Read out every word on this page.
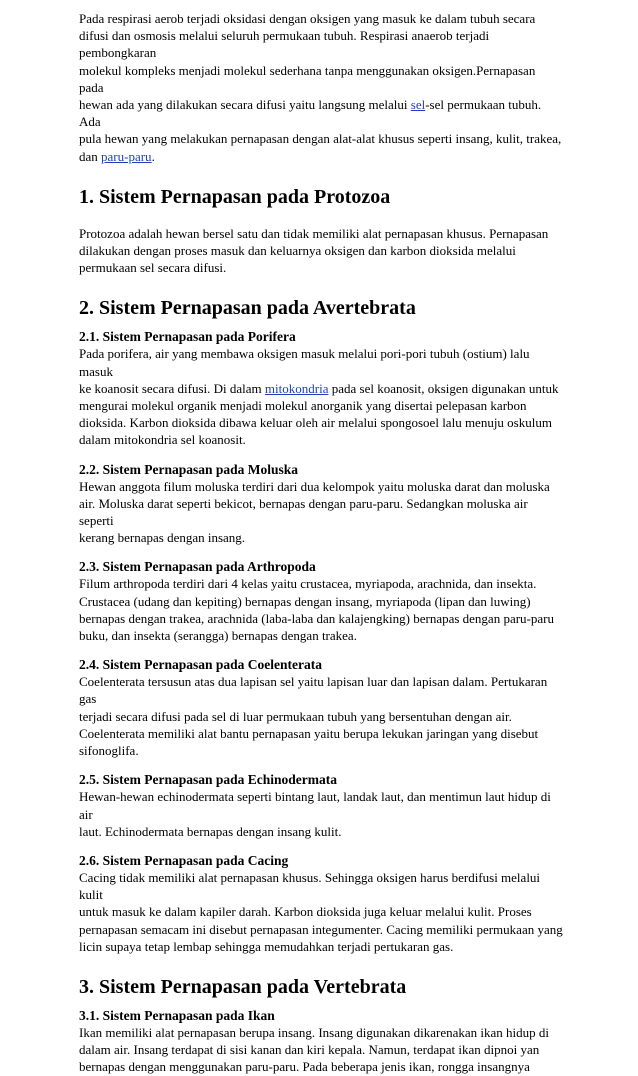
Pada respirasi aerob terjadi oksidasi dengan oksigen yang masuk ke dalam tubuh secara

difusi dan osmosis melalui seluruh permukaan tubuh. Respirasi anaerob terjadi pembongkaran

molekul kompleks menjadi molekul sederhana tanpa menggunakan oksigen.Pernapasan pada

hewan ada yang dilakukan secara difusi yaitu langsung melalui sel-sel permukaan tubuh. Ada

pula hewan yang melakukan pernapasan dengan alat-alat khusus seperti insang, kulit, trakea,

dan paru-paru.

1. Sistem Pernapasan pada Protozoa

Protozoa adalah hewan bersel satu dan tidak memiliki alat pernapasan khusus. Pernapasan

dilakukan dengan proses masuk dan keluarnya oksigen dan karbon dioksida melalui

permukaan sel secara difusi.

2. Sistem Pernapasan pada Avertebrata
2.1. Sistem Pernapasan pada Porifera

Pada porifera, air yang membawa oksigen masuk melalui pori-pori tubuh (ostium) lalu masuk

ke koanosit secara difusi. Di dalam mitokondria pada sel koanosit, oksigen digunakan untuk

mengurai molekul organik menjadi molekul anorganik yang disertai pelepasan karbon

dioksida. Karbon dioksida dibawa keluar oleh air melalui spongosoel lalu menuju oskulum

dalam mitokondria sel koanosit.

2.2. Sistem Pernapasan pada Moluska

Hewan anggota filum moluska terdiri dari dua kelompok yaitu moluska darat dan moluska

air. Moluska darat seperti bekicot, bernapas dengan paru-paru. Sedangkan moluska air seperti

kerang bernapas dengan insang.

2.3. Sistem Pernapasan pada Arthropoda

Filum arthropoda terdiri dari 4 kelas yaitu crustacea, myriapoda, arachnida, dan insekta.

Crustacea (udang dan kepiting) bernapas dengan insang, myriapoda (lipan dan luwing)

bernapas dengan trakea, arachnida (laba-laba dan kalajengking) bernapas dengan paru-paru

buku, dan insekta (serangga) bernapas dengan trakea.

2.4. Sistem Pernapasan pada Coelenterata

Coelenterata tersusun atas dua lapisan sel yaitu lapisan luar dan lapisan dalam. Pertukaran gas

terjadi secara difusi pada sel di luar permukaan tubuh yang bersentuhan dengan air.

Coelenterata memiliki alat bantu pernapasan yaitu berupa lekukan jaringan yang disebut

sifonoglifa.

2.5. Sistem Pernapasan pada Echinodermata

Hewan-hewan echinodermata seperti bintang laut, landak laut, dan mentimun laut hidup di air

laut. Echinodermata bernapas dengan insang kulit.

2.6. Sistem Pernapasan pada Cacing

Cacing tidak memiliki alat pernapasan khusus. Sehingga oksigen harus berdifusi melalui kulit

untuk masuk ke dalam kapiler darah. Karbon dioksida juga keluar melalui kulit. Proses

pernapasan semacam ini disebut pernapasan integumenter. Cacing memiliki permukaan yang

licin supaya tetap lembap sehingga memudahkan terjadi pertukaran gas.

3. Sistem Pernapasan pada Vertebrata
3.1. Sistem Pernapasan pada Ikan

Ikan memiliki alat pernapasan berupa insang. Insang digunakan dikarenakan ikan hidup di

dalam air. Insang terdapat di sisi kanan dan kiri kepala. Namun, terdapat ikan dipnoi yan

bernapas dengan menggunakan paru-paru. Pada beberapa jenis ikan, rongga insangnya
